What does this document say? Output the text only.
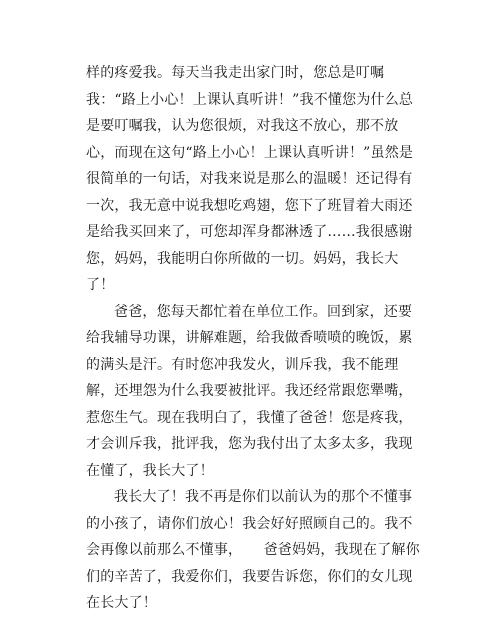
样的疼爱我。每天当我走出家门时，您总是叮嘱我：“路上小心！上课认真听讲！”我不懂您为什么总是要叮嘱我，认为您很烦，对我这不放心，那不放心，而现在这句“路上小心！上课认真听讲！”虽然是很简单的一句话，对我来说是那么的温暖！还记得有一次，我无意中说我想吃鸡翅，您下了班冒着大雨还是给我买回来了，可您却浑身都淋透了……我很感谢您，妈妈，我能明白你所做的一切。妈妈，我长大了！

爸爸，您每天都忙着在单位工作。回到家，还要给我辅导功课，讲解难题，给我做香喷喷的晚饭，累的满头是汗。有时您冲我发火，训斥我，我不能理解，还埋怨为什么我要被批评。我还经常跟您犟嘴，惹您生气。现在我明白了，我懂了爸爸！您是疼我，才会训斥我，批评我，您为我付出了太多太多，我现在懂了，我长大了！

我长大了！我不再是你们以前认为的那个不懂事的小孩了，请你们放心！我会好好照顾自己的。我不会再像以前那么不懂事，　　爸爸妈妈，我现在了解你们的辛苦了，我爱你们，我要告诉您，你们的女儿现在长大了！
